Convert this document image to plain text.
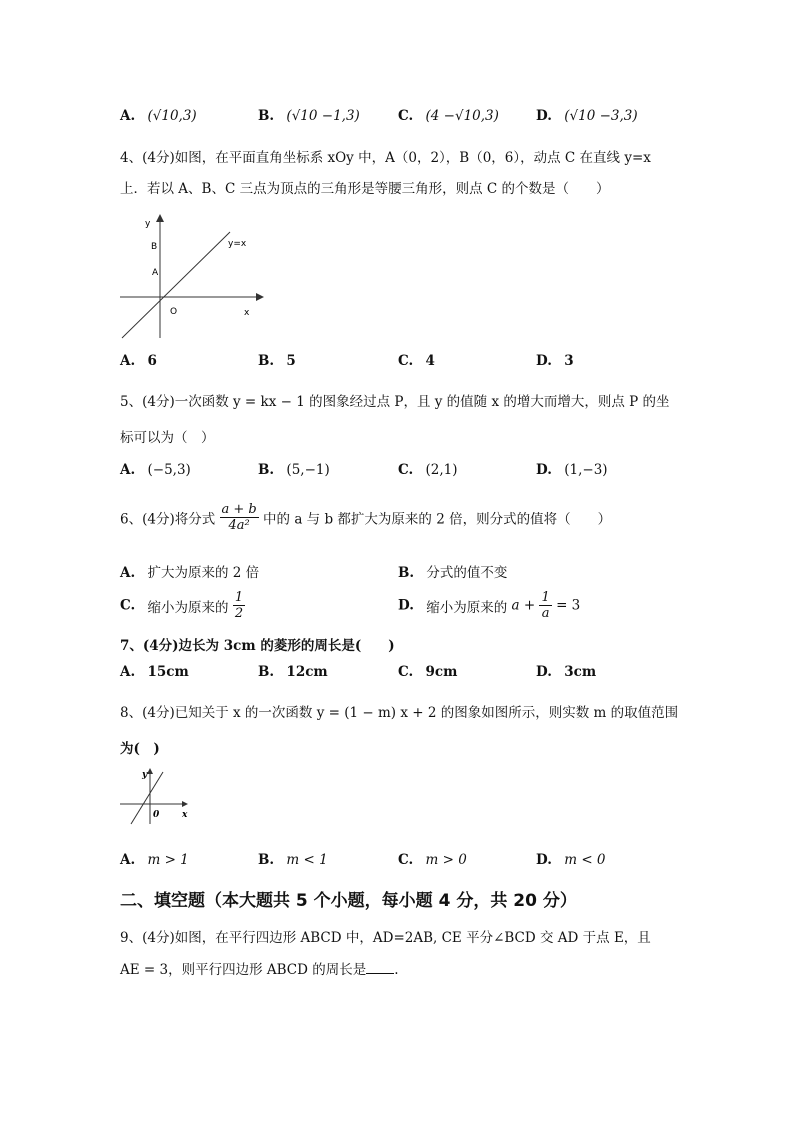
A. (√10,3)	B. (√10 −1,3)	C. (4 −√10,3)	D. (√10 −3,3)
4、(4分)如图，在平面直角坐标系 xOy 中，A（0，2），B（0，6），动点 C 在直线 y=x
上．若以 A、B、C 三点为顶点的三角形是等腰三角形，则点 C 的个数是（　　）
y
x
B
A
O
y=x
A. 6	B. 5	C. 4	D. 3
5、(4分)一次函数 y = kx − 1 的图象经过点 P，且 y 的值随 x 的增大而增大，则点 P 的坐
标可以为（　）
A. (−5,3)	B. (5,−1)	C. (2,1)	D. (1,−3)
6、(4分)将分式 $\frac{a + b}{\text{4a²}}$ 中的 a 与 b 都扩大为原来的 2 倍，则分式的值将（　　）
A. 扩大为原来的 2 倍	B. 分式的值不变
C. 缩小为原来的 $\frac{1}{2}$	D. 缩小为原来的 $a + \frac{1}{a} = 3$
7、(4分)边长为 3cm 的菱形的周长是(　　)
A. 15cm	B. 12cm	C. 9cm	D. 3cm
8、(4分)已知关于 x 的一次函数 y = (1 − m) x + 2 的图象如图所示，则实数 m 的取值范围
为(　)
y
x
0
A. m > 1	B. m < 1	C. m > 0	D. m < 0
二、填空题（本大题共 5 个小题，每小题 4 分，共 20 分）
9、(4分)如图，在平行四边形 ABCD 中，AD=2AB, CE 平分∠BCD 交 AD 于点 E，且
AE = 3，则平行四边形 ABCD 的周长是 .
